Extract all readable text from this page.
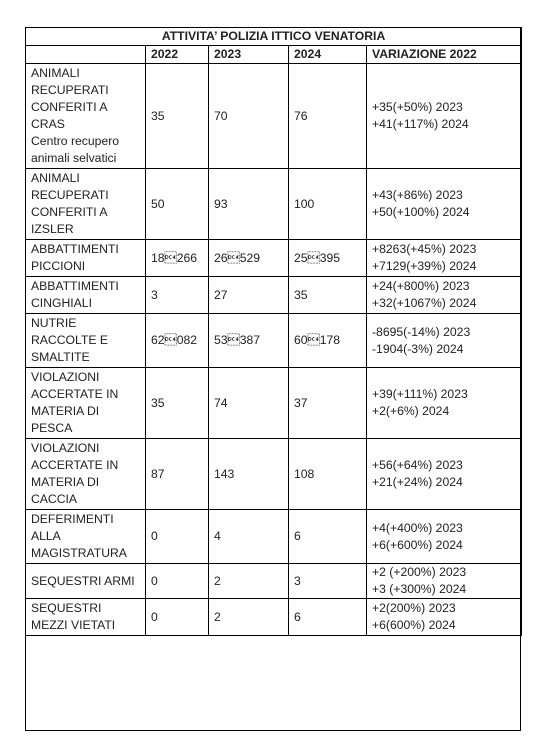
ATTIVITA’ POLIZIA ITTICO VENATORIA				
	2022	2023	2024	VARIAZIONE 2022
ANIMALI RECUPERATI CONFERITI A CRAS
Centro recupero animali selvatici	35	70	76	+35(+50%) 2023
+41(+117%) 2024

ANIMALI RECUPERATI CONFERITI A IZSLER	50	93	100	+43(+86%) 2023
+50(+100%) 2024

ABBATTIMENTI PICCIONI	18266	26529	25395	+8263(+45%) 2023
+7129(+39%) 2024

ABBATTIMENTI CINGHIALI	3	27	35	+24(+800%) 2023
+32(+1067%) 2024

NUTRIE RACCOLTE E SMALTITE	62082	53387	60178	-8695(-14%) 2023
-1904(-3%) 2024

VIOLAZIONI ACCERTATE IN MATERIA DI PESCA	35	74	37	+39(+111%) 2023
+2(+6%) 2024

VIOLAZIONI ACCERTATE IN MATERIA DI CACCIA	87	143	108	+56(+64%) 2023
+21(+24%) 2024

DEFERIMENTI ALLA MAGISTRATURA	0	4	6	+4(+400%) 2023
+6(+600%) 2024

SEQUESTRI ARMI	0	2	3	+2 (+200%) 2023
+3 (+300%) 2024

SEQUESTRI MEZZI VIETATI	0	2	6	+2(200%) 2023
+6(600%) 2024
